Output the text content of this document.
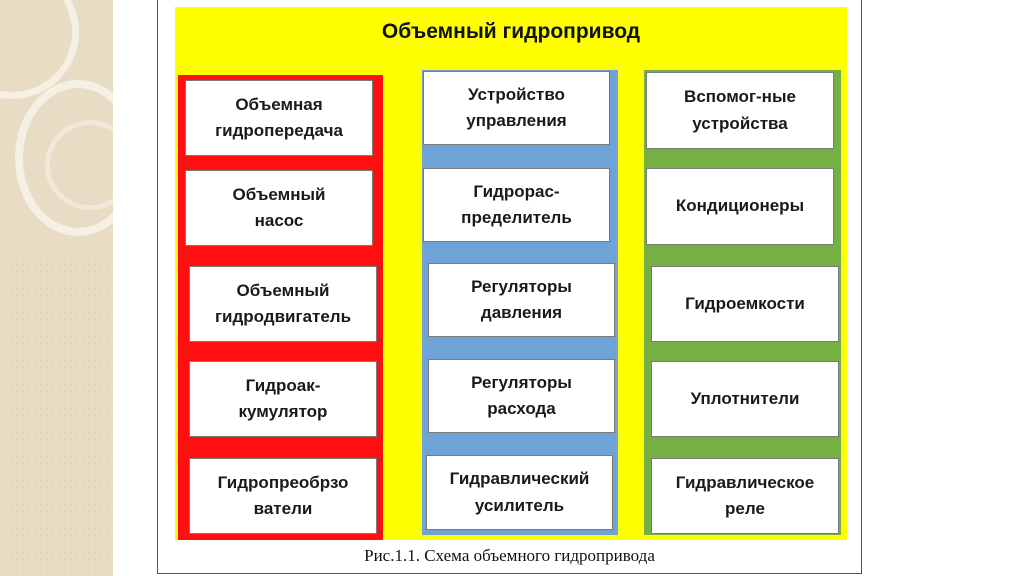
Объемный гидропривод
Объемная
гидропередача
Объемный
насос
Объемный
гидродвигатель
Гидроак-
кумулятор
Гидропреобрзо
ватели
Устройство
управления
Гидрорас-
пределитель
Регуляторы
давления
Регуляторы
расхода
Гидравлический
усилитель
Вспомог-ные
устройства
Кондиционеры
Гидроемкости
Уплотнители
Гидравлическое
реле
Рис.1.1. Схема объемного гидропривода
